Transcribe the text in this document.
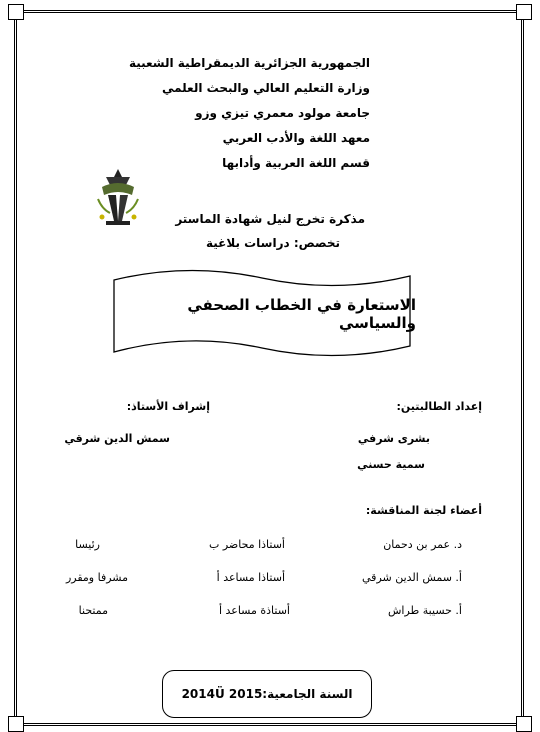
الجمهورية الجزائرية الديمقراطية الشعبية
وزارة التعليم العالي والبحث العلمي
جامعة مولود معمري تيزي وزو
معهد اللغة والأدب العربي
قسم اللغة العربية وأدابها
مذكرة تخرج لنيل شهادة الماستر
تخصص: دراسات بلاغية
الاستعارة في الخطاب الصحفي والسياسي
إعداد الطالبتين:
إشراف الأستاذ:
بشرى شرفي
سمش الدين شرقي
سمية حسني
أعضاء لجنة المناقشة:
د. عمر بن دحمان
أستاذا محاضر ب
رئيسا
أ. سمش الدين شرقي
أستاذا مساعد أ
مشرفا ومقرر
أ. حسيبة طراش
أستاذة مساعد أ
ممتحنا
السنة الجامعية:2014Ü 2015
